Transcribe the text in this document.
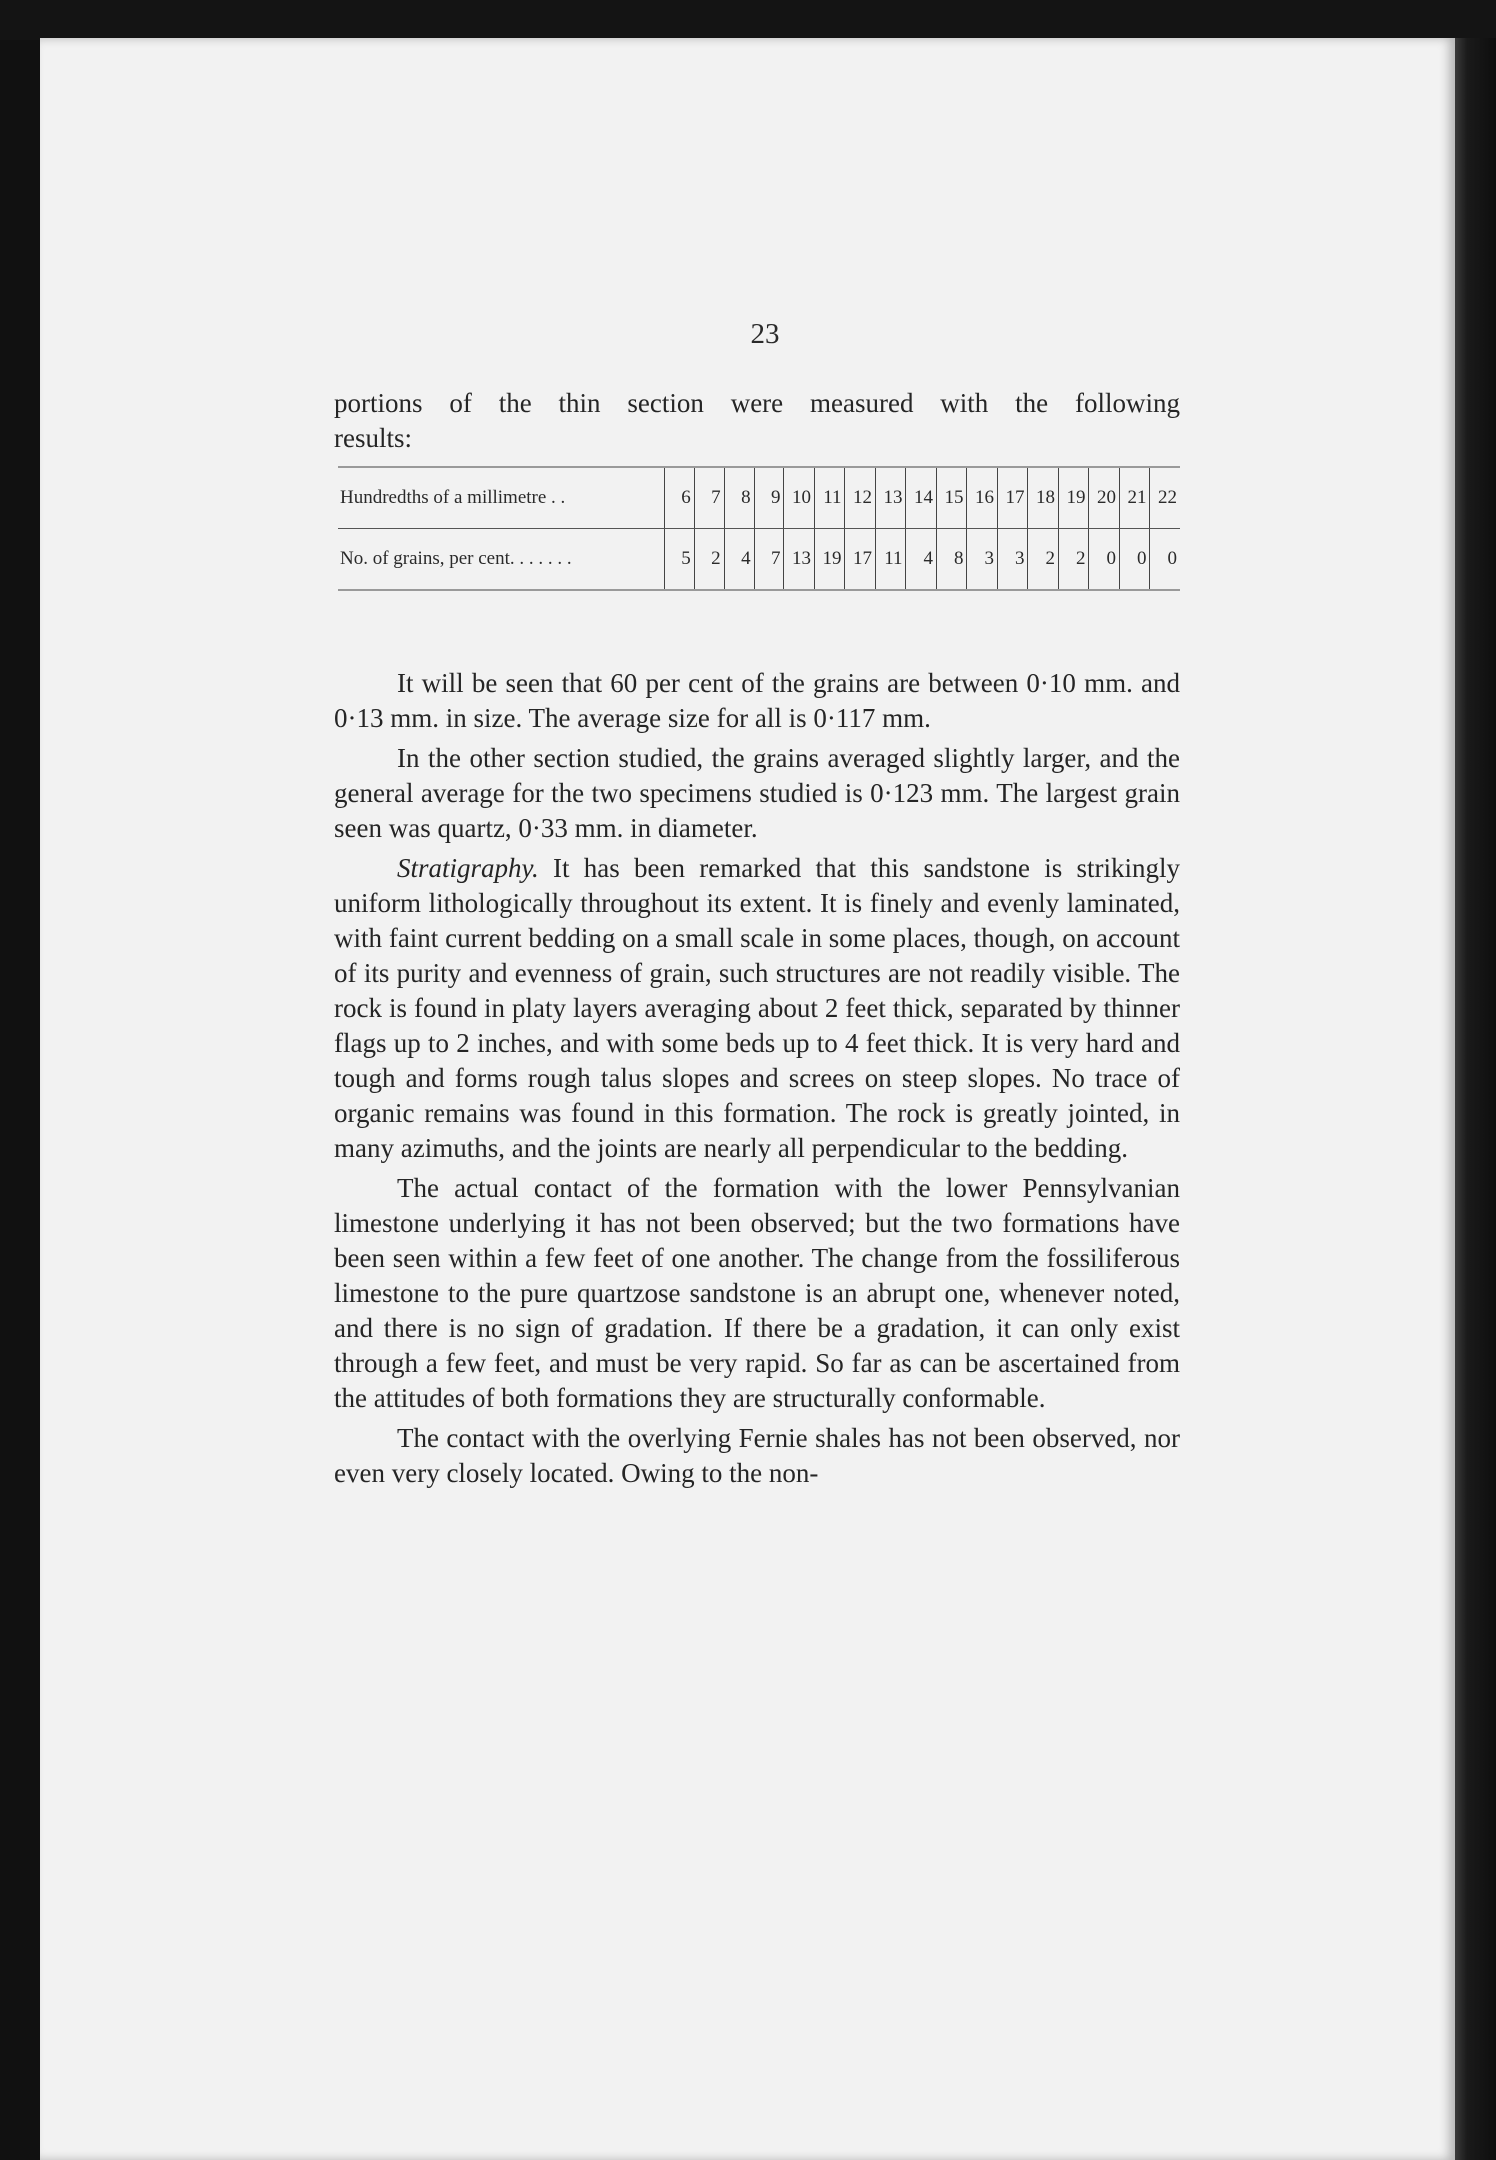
23
portions of the thin section were measured with the following
results:
Hundredths of a millimetre . .	6	7	8	9	10	11	12	13	14	15	16	17	18	19	20	21	22
No. of grains, per cent. . . . . . .	5	2	4	7	13	19	17	11	4	8	3	3	2	2	0	0	0

It will be seen that 60 per cent of the grains are between 0·10 mm. and 0·13 mm. in size. The average size for all is 0·117 mm.

In the other section studied, the grains averaged slightly larger, and the general average for the two specimens studied is 0·123 mm. The largest grain seen was quartz, 0·33 mm. in diameter.

Stratigraphy. It has been remarked that this sandstone is strikingly uniform lithologically throughout its extent. It is finely and evenly laminated, with faint current bedding on a small scale in some places, though, on account of its purity and evenness of grain, such structures are not readily visible. The rock is found in platy layers averaging about 2 feet thick, separated by thinner flags up to 2 inches, and with some beds up to 4 feet thick. It is very hard and tough and forms rough talus slopes and screes on steep slopes. No trace of organic remains was found in this formation. The rock is greatly jointed, in many azimuths, and the joints are nearly all perpendicular to the bedding.

The actual contact of the formation with the lower Pennsylvanian limestone underlying it has not been observed; but the two formations have been seen within a few feet of one another. The change from the fossiliferous limestone to the pure quartzose sandstone is an abrupt one, whenever noted, and there is no sign of gradation. If there be a gradation, it can only exist through a few feet, and must be very rapid. So far as can be ascertained from the attitudes of both formations they are structurally conformable.

The contact with the overlying Fernie shales has not been observed, nor even very closely located. Owing to the non-
